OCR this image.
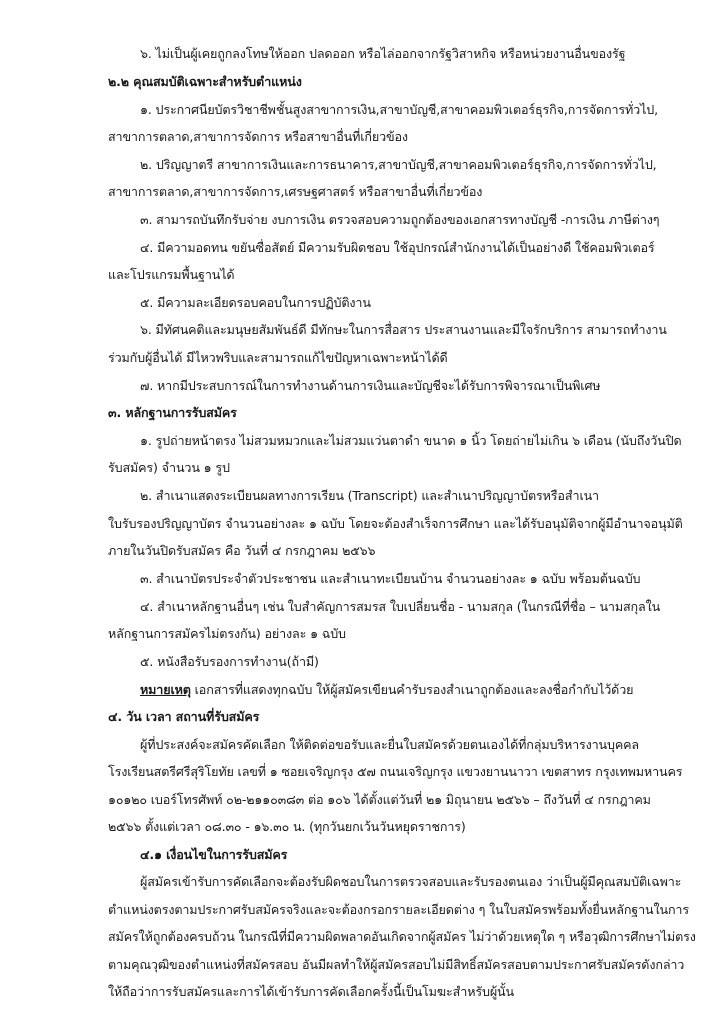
๖. ไม่เป็นผู้เคยถูกลงโทษให้ออก ปลดออก หรือไล่ออกจากรัฐวิสาหกิจ หรือหน่วยงานอื่นของรัฐ
๒.๒ คุณสมบัติเฉพาะสำหรับตำแหน่ง
๑. ประกาศนียบัตรวิชาชีพชั้นสูงสาขาการเงิน,สาขาบัญชี,สาขาคอมพิวเตอร์ธุรกิจ,การจัดการทั่วไป,
สาขาการตลาด,สาขาการจัดการ หรือสาขาอื่นที่เกี่ยวข้อง
๒. ปริญญาตรี สาขาการเงินและการธนาคาร,สาขาบัญชี,สาขาคอมพิวเตอร์ธุรกิจ,การจัดการทั่วไป,
สาขาการตลาด,สาขาการจัดการ,เศรษฐศาสตร์ หรือสาขาอื่นที่เกี่ยวข้อง
๓. สามารถบันทึกรับจ่าย งบการเงิน ตรวจสอบความถูกต้องของเอกสารทางบัญชี -การเงิน ภาษีต่างๆ
๔. มีความอดทน ขยันซื่อสัตย์ มีความรับผิดชอบ ใช้อุปกรณ์สำนักงานได้เป็นอย่างดี ใช้คอมพิวเตอร์
และโปรแกรมพื้นฐานได้
๕. มีความละเอียดรอบคอบในการปฏิบัติงาน
๖. มีทัศนคติและมนุษยสัมพันธ์ดี มีทักษะในการสื่อสาร ประสานงานและมีใจรักบริการ สามารถทำงาน
ร่วมกับผู้อื่นได้ มีไหวพริบและสามารถแก้ไขปัญหาเฉพาะหน้าได้ดี
๗. หากมีประสบการณ์ในการทำงานด้านการเงินและบัญชีจะได้รับการพิจารณาเป็นพิเศษ
๓. หลักฐานการรับสมัคร
๑. รูปถ่ายหน้าตรง ไม่สวมหมวกและไม่สวมแว่นตาดำ ขนาด ๑ นิ้ว โดยถ่ายไม่เกิน ๖ เดือน (นับถึงวันปิด
รับสมัคร) จำนวน ๑ รูป
๒. สำเนาแสดงระเบียนผลทางการเรียน (Transcript) และสำเนาปริญญาบัตรหรือสำเนา
ใบรับรองปริญญาบัตร จำนวนอย่างละ ๑ ฉบับ โดยจะต้องสำเร็จการศึกษา และได้รับอนุมัติจากผู้มีอำนาจอนุมัติ
ภายในวันปิดรับสมัคร คือ วันที่ ๔ กรกฎาคม ๒๕๖๖
๓. สำเนาบัตรประจำตัวประชาชน และสำเนาทะเบียนบ้าน จำนวนอย่างละ ๑ ฉบับ พร้อมต้นฉบับ
๔. สำเนาหลักฐานอื่นๆ เช่น ใบสำคัญการสมรส ใบเปลี่ยนชื่อ - นามสกุล (ในกรณีที่ชื่อ – นามสกุลใน
หลักฐานการสมัครไม่ตรงกัน) อย่างละ ๑ ฉบับ
๕. หนังสือรับรองการทำงาน(ถ้ามี)
หมายเหตุ เอกสารที่แสดงทุกฉบับ ให้ผู้สมัครเขียนคำรับรองสำเนาถูกต้องและลงชื่อกำกับไว้ด้วย
๔. วัน เวลา สถานที่รับสมัคร
ผู้ที่ประสงค์จะสมัครคัดเลือก ให้ติดต่อขอรับและยื่นใบสมัครด้วยตนเองได้ที่กลุ่มบริหารงานบุคคล
โรงเรียนสตรีศรีสุริโยทัย เลขที่ ๑ ซอยเจริญกรุง ๕๗ ถนนเจริญกรุง แขวงยานนาวา เขตสาทร กรุงเทพมหานคร
๑๐๑๒๐ เบอร์โทรศัพท์ ๐๒-๒๑๑๐๓๘๓ ต่อ ๑๐๖ ได้ตั้งแต่วันที่ ๒๑ มิถุนายน ๒๕๖๖ – ถึงวันที่ ๔ กรกฎาคม
๒๕๖๖ ตั้งแต่เวลา ๐๘.๓๐ - ๑๖.๓๐ น. (ทุกวันยกเว้นวันหยุดราชการ)
๔.๑ เงื่อนไขในการรับสมัคร
ผู้สมัครเข้ารับการคัดเลือกจะต้องรับผิดชอบในการตรวจสอบและรับรองตนเอง ว่าเป็นผู้มีคุณสมบัติเฉพาะ
ตำแหน่งตรงตามประกาศรับสมัครจริงและจะต้องกรอกรายละเอียดต่าง ๆ ในใบสมัครพร้อมทั้งยื่นหลักฐานในการ
สมัครให้ถูกต้องครบถ้วน ในกรณีที่มีความผิดพลาดอันเกิดจากผู้สมัคร ไม่ว่าด้วยเหตุใด ๆ หรือวุฒิการศึกษาไม่ตรง
ตามคุณวุฒิของตำแหน่งที่สมัครสอบ อันมีผลทำให้ผู้สมัครสอบไม่มีสิทธิ์สมัครสอบตามประกาศรับสมัครดังกล่าว
ให้ถือว่าการรับสมัครและการได้เข้ารับการคัดเลือกครั้งนี้เป็นโมฆะสำหรับผู้นั้น
